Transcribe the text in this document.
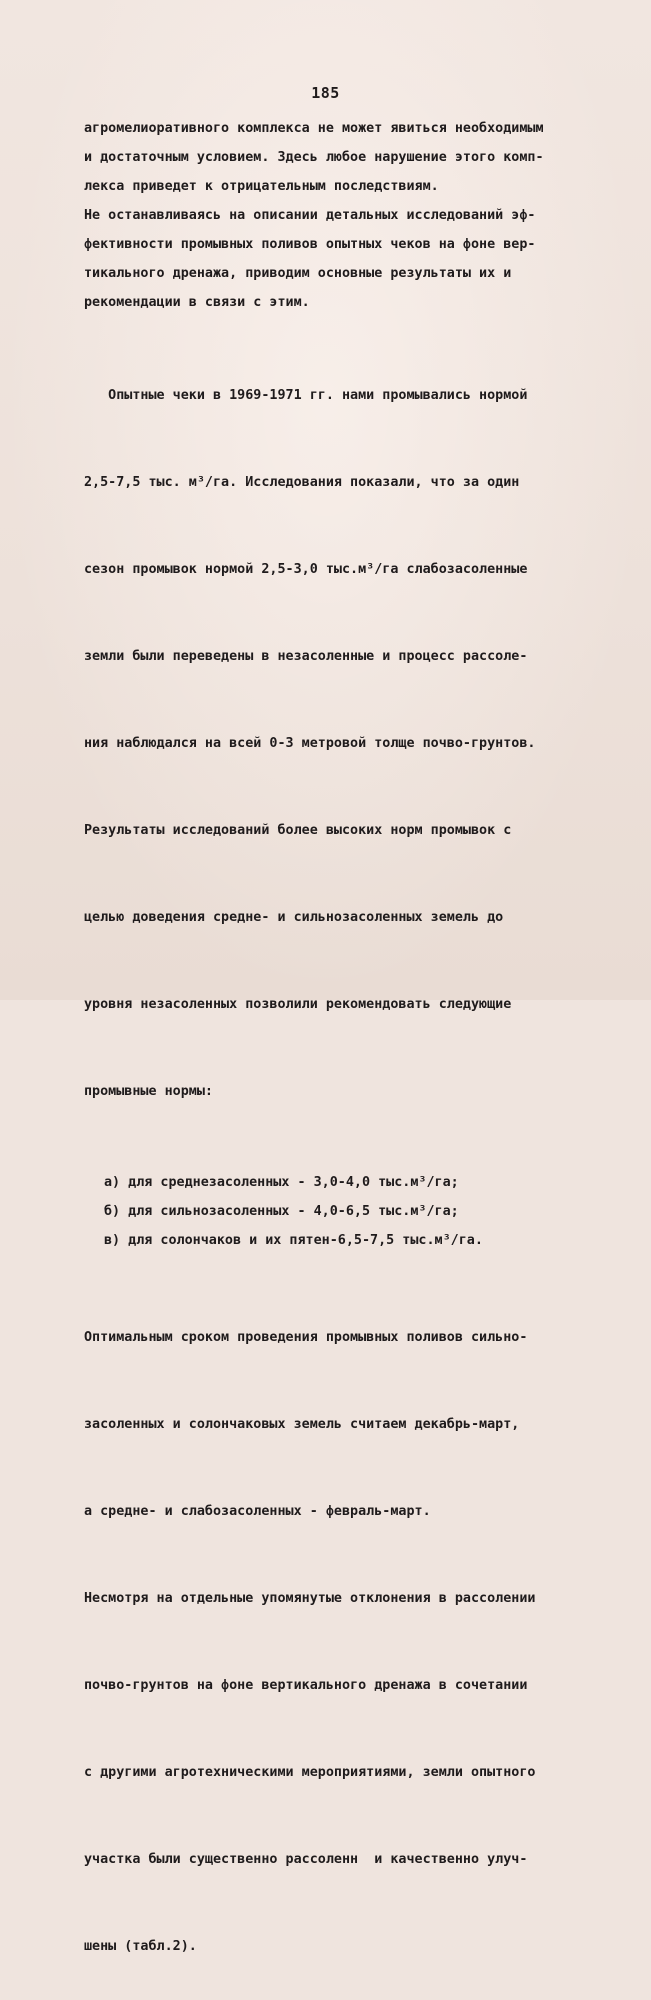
185
агромелиоративного комплекса не может явиться необходимым
и достаточным условием. Здесь любое нарушение этого комп-
лекса приведет к отрицательным последствиям.
Не останавливаясь на описании детальных исследований эф-
фективности промывных поливов опытных чеков на фоне вер-
тикального дренажа, приводим основные результаты их и
рекомендации в связи с этим.

Опытные чеки в 1969-1971 гг. нами промывались нормой

2,5-7,5 тыс. м³/га. Исследования показали, что за один

сезон промывок нормой 2,5-3,0 тыс.м³/га слабозасоленные

земли были переведены в незасоленные и процесс рассоле-

ния наблюдался на всей 0-3 метровой толще почво-грунтов.

Результаты исследований более высоких норм промывок с

целью доведения средне- и сильнозасоленных земель до

уровня незасоленных позволили рекомендовать следующие

промывные нормы:

а) для среднезасоленных - 3,0-4,0 тыс.м³/га;
б) для сильнозасоленных - 4,0-6,5 тыс.м³/га;
в) для солончаков и их пятен-6,5-7,5 тыс.м³/га.

Оптимальным сроком проведения промывных поливов сильно-

засоленных и солончаковых земель считаем декабрь-март,

а средне- и слабозасоленных - февраль-март.

Несмотря на отдельные упомянутые отклонения в рассолении

почво-грунтов на фоне вертикального дренажа в сочетании

с другими агротехническими мероприятиями, земли опытного

участка были существенно рассоленн  и качественно улуч-

шены (табл.2).
